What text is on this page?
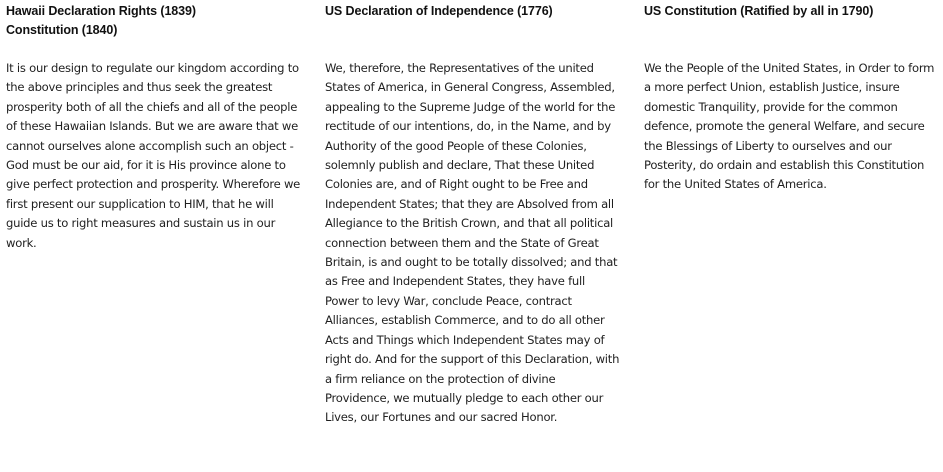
Hawaii Declaration Rights (1839)
Constitution (1840)

It is our design to regulate our kingdom according to the above principles and thus seek the greatest prosperity both of all the chiefs and all of the people of these Hawaiian Islands. But we are aware that we cannot ourselves alone accomplish such an object - God must be our aid, for it is His province alone to give perfect protection and prosperity. Wherefore we first present our supplication to HIM, that he will guide us to right measures and sustain us in our work.

US Declaration of Independence (1776)

We, therefore, the Representatives of the united States of America, in General Congress, Assembled, appealing to the Supreme Judge of the world for the rectitude of our intentions, do, in the Name, and by Authority of the good People of these Colonies, solemnly publish and declare, That these United Colonies are, and of Right ought to be Free and Independent States; that they are Absolved from all Allegiance to the British Crown, and that all political connection between them and the State of Great Britain, is and ought to be totally dissolved; and that as Free and Independent States, they have full Power to levy War, conclude Peace, contract Alliances, establish Commerce, and to do all other Acts and Things which Independent States may of right do. And for the support of this Declaration, with a firm reliance on the protection of divine Providence, we mutually pledge to each other our Lives, our Fortunes and our sacred Honor.

US Constitution (Ratified by all in 1790)

We the People of the United States, in Order to form a more perfect Union, establish Justice, insure domestic Tranquility, provide for the common defence, promote the general Welfare, and secure the Blessings of Liberty to ourselves and our Posterity, do ordain and establish this Constitution for the United States of America.
